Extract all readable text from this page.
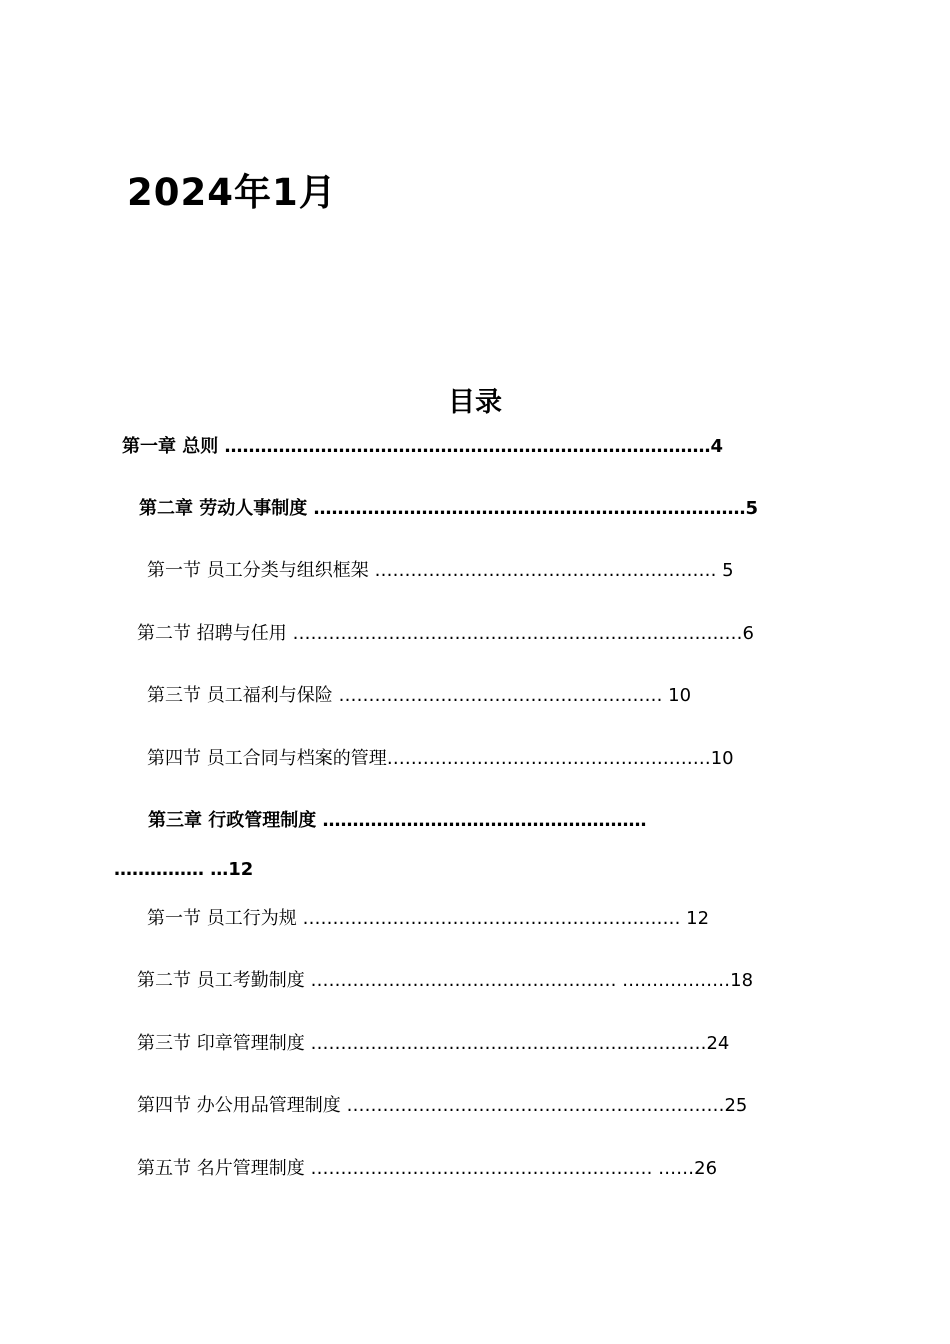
2024年1月
目录
第一章 总则 ………………………………………………………………………4
第二章 劳动人事制度 ………………………………………………………………5
第一节 员工分类与组织框架 ………………………………………………… 5
第二节 招聘与任用 …………………………………………………………………6
第三节 员工福利与保险 ……………………………………………… 10
第四节 员工合同与档案的管理………………………………………………10
第三章 行政管理制度 ………………………………………………
…………… …12
第一节 员工行为规 ……………………………………………………… 12
第二节 员工考勤制度 …………………………………………… ………………18
第三节 印章管理制度 …………………………………………………………24
第四节 办公用品管理制度 ………………………………………………………25
第五节 名片管理制度 ………………………………………………… ……26
